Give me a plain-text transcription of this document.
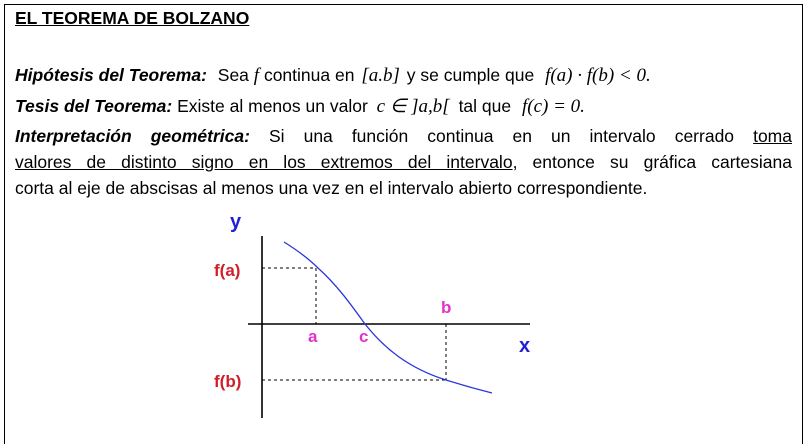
EL TEOREMA DE BOLZANO
Hipótesis del Teorema: Sea f continua en [a.b] y se cumple que f(a) · f(b) < 0.
Tesis del Teorema: Existe al menos un valor c ∈ ]a,b[ tal que f(c) = 0.
Interpretación geométrica: Si una función continua en un intervalo cerrado toma
valores de distinto signo en los extremos del intervalo, entonce su gráfica cartesiana
corta al eje de abscisas al menos una vez en el intervalo abierto correspondiente.
y
x
f(a)
f(b)
a c
b
